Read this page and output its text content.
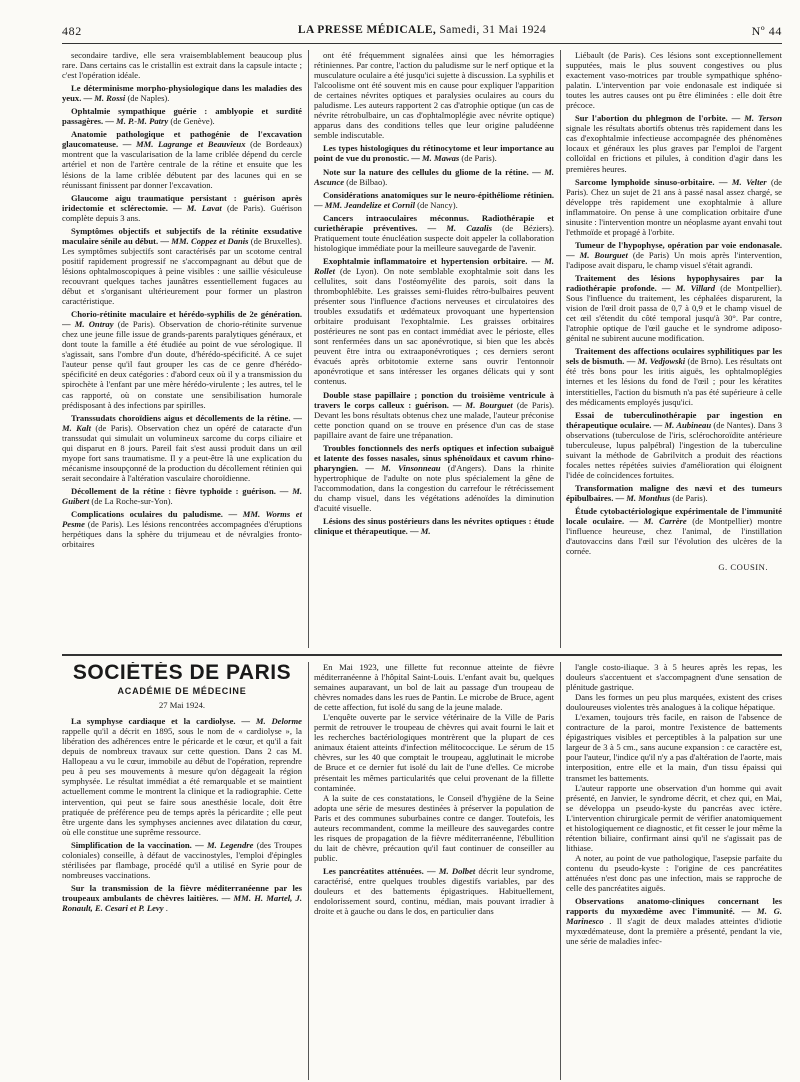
482	LA PRESSE MÉDICALE, Samedi, 31 Mai 1924	Nº 44

secondaire tardive, elle sera vraisemblablement beaucoup plus rare. Dans certains cas le cristallin est extrait dans la capsule intacte ; c'est l'opération idéale.

Le déterminisme morpho-physiologique dans les maladies des yeux. — M. Rossi (de Naples).

Ophtalmie sympathique guérie : amblyopie et surdité passagères. — M. P.-M. Patry (de Genève).

Anatomie pathologique et pathogénie de l'excavation glaucomateuse. — MM. Lagrange et Beauvieux (de Bordeaux) montrent que la vascularisation de la lame criblée dépend du cercle artériel et non de l'artère centrale de la rétine et ensuite que les lésions de la lame criblée débutent par des lacunes qui en se réunissant finissent par donner l'excavation.

Glaucome aigu traumatique persistant : guérison après iridectomie et sclérectomie. — M. Lavat (de Paris). Guérison complète depuis 3 ans.

Symptômes objectifs et subjectifs de la rétinite exsudative maculaire sénile au début. — MM. Coppez et Danis (de Bruxelles). Les symptômes subjectifs sont caractérisés par un scotome central positif rapidement progressif ne s'accompagnant au début que de lésions ophtalmoscopiques à peine visibles : une saillie vésiculeuse recouvrant quelques taches jaunâtres essentiellement fugaces au début et s'organisant ultérieurement pour former un plastron caractéristique.

Chorio-rétinite maculaire et hérédo-syphilis de 2e génération. — M. Ontray (de Paris). Observation de chorio-rétinite survenue chez une jeune fille issue de grands-parents paralytiques généraux, et dont toute la famille a été étudiée au point de vue sérologique. Il s'agissait, sans l'ombre d'un doute, d'hérédo-spécificité. A ce sujet l'auteur pense qu'il faut grouper les cas de ce genre d'hérédo-spécificité en deux catégories : d'abord ceux où il y a transmission du spirochète à l'enfant par une mère hérédo-virulente ; les autres, tel le cas rapporté, où on constate une sensibilisation humorale prédisposant à des infections par spirilles.

Transsudats choroïdiens aigus et décollements de la rétine. — M. Kalt (de Paris). Observation chez un opéré de cataracte d'un transsudat qui simulait un volumineux sarcome du corps ciliaire et qui disparut en 8 jours. Pareil fait s'est aussi produit dans un œil myope fort sans traumatisme. Il y a peut-être là une explication du mécanisme insoupçonné de la production du décollement rétinien qui serait secondaire à l'altération vasculaire choroïdienne.

Décollement de la rétine : fièvre typhoïde : guérison. — M. Guibert (de La Roche-sur-Yon).

Complications oculaires du paludisme. — MM. Worms et Pesme (de Paris). Les lésions rencontrées accompagnées d'éruptions herpétiques dans la sphère du trijumeau et de névralgies fronto-orbitaires

ont été fréquemment signalées ainsi que les hémorragies rétiniennes. Par contre, l'action du paludisme sur le nerf optique et la musculature oculaire a été jusqu'ici sujette à discussion. La syphilis et l'alcoolisme ont été souvent mis en cause pour expliquer l'apparition de certaines névrites optiques et paralysies oculaires au cours du paludisme. Les auteurs rapportent 2 cas d'atrophie optique (un cas de névrite rétrobulbaire, un cas d'ophtalmoplégie avec névrite optique) apparus dans des conditions telles que leur origine paludéenne semble indiscutable.

Les types histologiques du rétinocytome et leur importance au point de vue du pronostic. — M. Mawas (de Paris).

Note sur la nature des cellules du gliome de la rétine. — M. Ascunce (de Bilbao).

Considérations anatomiques sur le neuro-épithéliome rétinien. — MM. Jeandelize et Cornil (de Nancy).

Cancers intraoculaires méconnus. Radiothérapie et curiethérapie préventives. — M. Cazalis (de Béziers). Pratiquement toute énucléation suspecte doit appeler la collaboration histologique immédiate pour la meilleure sauvegarde de l'avenir.

Exophtalmie inflammatoire et hypertension orbitaire. — M. Rollet (de Lyon). On note semblable exophtalmie soit dans les cellulites, soit dans l'ostéomyélite des parois, soit dans la thrombophlébite. Les graisses semi-fluides rétro-bulbaires peuvent présenter sous l'influence d'actions nerveuses et circulatoires des troubles exsudatifs et œdémateux provoquant une hypertension orbitaire produisant l'exophtalmie. Les graisses orbitaires postérieures ne sont pas en contact immédiat avec le périoste, elles sont renfermées dans un sac aponévrotique, si bien que les abcès peuvent être intra ou extraaponévrotiques ; ces derniers seront évacués après orbitotomie externe sans ouvrir l'entonnoir aponévrotique et sans intéresser les organes délicats qui y sont contenus.

Double stase papillaire ; ponction du troisième ventricule à travers le corps calleux : guérison. — M. Bourguet (de Paris). Devant les bons résultats obtenus chez une malade, l'auteur préconise cette ponction quand on se trouve en présence d'un cas de stase papillaire avant de faire une trépanation.

Troubles fonctionnels des nerfs optiques et infection subaiguë et latente des fosses nasales, sinus sphénoïdaux et cavum rhino-pharyngien. — M. Vinsonneau (d'Angers). Dans la rhinite hypertrophique de l'adulte on note plus spécialement la gêne de l'accommodation, dans la congestion du carrefour le rétrécissement du champ visuel, dans les végétations adénoïdes la diminution d'acuité visuelle.

Lésions des sinus postérieurs dans les névrites optiques : étude clinique et thérapeutique. — M.

Liébault (de Paris). Ces lésions sont exceptionnellement supputées, mais le plus souvent congestives ou plus exactement vaso-motrices par trouble sympathique sphéno-palatin. L'intervention par voie endonasale est indiquée si toutes les autres causes ont pu être éliminées : elle doit être précoce.

Sur l'abortion du phlegmon de l'orbite. — M. Terson signale les résultats abortifs obtenus très rapidement dans les cas d'exophtalmie infectieuse accompagnée des phénomènes locaux et généraux les plus graves par l'emploi de l'argent colloïdal en frictions et pilules, à condition d'agir dans les premières heures.

Sarcome lymphoïde sinuso-orbitaire. — M. Velter (de Paris). Chez un sujet de 21 ans à passé nasal assez chargé, se développe très rapidement une exophtalmie à allure inflammatoire. On pense à une complication orbitaire d'une sinusite : l'intervention montre un néoplasme ayant envahi tout l'ethmoïde et propagé à l'orbite.

Tumeur de l'hypophyse, opération par voie endonasale. — M. Bourguet (de Paris) Un mois après l'intervention, l'adipose avait disparu, le champ visuel s'était agrandi.

Traitement des lésions hypophysaires par la radiothérapie profonde. — M. Villard (de Montpellier). Sous l'influence du traitement, les céphalées disparurent, la vision de l'œil droit passa de 0,7 à 0,9 et le champ visuel de cet œil s'étendit du côté temporal jusqu'à 30°. Par contre, l'atrophie optique de l'œil gauche et le syndrome adiposo-génital ne subirent aucune modification.

Traitement des affections oculaires syphilitiques par les sels de bismuth. — M. Vedjowski (de Brno). Les résultats ont été très bons pour les iritis aiguës, les ophtalmoplégies internes et les lésions du fond de l'œil ; pour les kératites interstitielles, l'action du bismuth n'a pas été supérieure à celle des médicaments employés jusqu'ici.

Essai de tuberculinothérapie par ingestion en thérapeutique oculaire. — M. Aubineau (de Nantes). Dans 3 observations (tuberculose de l'iris, sclérochoroïdite antérieure tuberculeuse, lupus palpébral) l'ingestion de la tuberculine suivant la méthode de Gabrilvitch a produit des réactions focales nettes répétées suivies d'amélioration qui éloignent l'idée de coïncidences fortuites.

Transformation maligne des nævi et des tumeurs épibulbaires. — M. Monthus (de Paris).

Étude cytobactériologique expérimentale de l'immunité locale oculaire. — M. Carrère (de Montpellier) montre l'influence heureuse, chez l'animal, de l'instillation d'autovaccins dans l'œil sur l'évolution des ulcères de la cornée.

G. COUSIN.
SOCIÉTÉS DE PARIS
ACADÉMIE DE MÉDECINE
27 Mai 1924.

La symphyse cardiaque et la cardiolyse. — M. Delorme rappelle qu'il a décrit en 1895, sous le nom de « cardiolyse », la libération des adhérences entre le péricarde et le cœur, et qu'il a fait depuis de nombreux travaux sur cette question. Dans 2 cas M. Hallopeau a vu le cœur, immobile au début de l'opération, reprendre peu à peu ses mouvements à mesure qu'on dégageait la région symphysée. Le résultat immédiat a été remarquable et se maintient actuellement comme le montrent la clinique et la radiographie. Cette intervention, qui peut se faire sous anesthésie locale, doit être pratiquée de préférence peu de temps après la péricardite ; elle peut être urgente dans les symphyses anciennes avec dilatation du cœur, où elle constitue une suprême ressource.

Simplification de la vaccination. — M. Legendre (des Troupes coloniales) conseille, à défaut de vaccinostyles, l'emploi d'épingles stérilisées par flambage, procédé qu'il a utilisé en Syrie pour de nombreuses vaccinations.

Sur la transmission de la fièvre méditerranéenne par les troupeaux ambulants de chèvres laitières. — MM. H. Martel, J. Ronault, E. Cesari et P. Levy .

En Mai 1923, une fillette fut reconnue atteinte de fièvre méditerranéenne à l'hôpital Saint-Louis. L'enfant avait bu, quelques semaines auparavant, un bol de lait au passage d'un troupeau de chèvres nomades dans les rues de Pantin. Le microbe de Bruce, agent de cette affection, fut isolé du sang de la jeune malade.

L'enquête ouverte par le service vétérinaire de la Ville de Paris permit de retrouver le troupeau de chèvres qui avait fourni le lait et les recherches bactériologiques montrèrent que la plupart de ces animaux étaient atteints d'infection mélitococcique. Le sérum de 15 chèvres, sur les 40 que comptait le troupeau, agglutinait le microbe de Bruce et ce dernier fut isolé du lait de l'une d'elles. Ce microbe présentait les mêmes particularités que celui provenant de la fillette contaminée.

A la suite de ces constatations, le Conseil d'hygiène de la Seine adopta une série de mesures destinées à préserver la population de Paris et des communes suburbaines contre ce danger. Toutefois, les auteurs recommandent, comme la meilleure des sauvegardes contre les risques de propagation de la fièvre méditerranéenne, l'ébullition du lait de chèvre, précaution qu'il faut continuer de conseiller au public.

Les pancréatites atténuées. — M. Dolbet décrit leur syndrome, caractérisé, entre quelques troubles digestifs variables, par des douleurs et des battements épigastriques. Habituellement, endolorissement sourd, continu, médian, mais pouvant irradier à droite et à gauche ou dans le dos, en particulier dans

l'angle costo-iliaque. 3 à 5 heures après les repas, les douleurs s'accentuent et s'accompagnent d'une sensation de plénitude gastrique.

Dans les formes un peu plus marquées, existent des crises douloureuses violentes très analogues à la colique hépatique.

L'examen, toujours très facile, en raison de l'absence de contracture de la paroi, montre l'existence de battements épigastriques visibles et perceptibles à la palpation sur une largeur de 3 à 5 cm., sans aucune expansion : ce caractère est, pour l'auteur, l'indice qu'il n'y a pas d'altération de l'aorte, mais interposition, entre elle et la main, d'un tissu épaissi qui transmet les battements.

L'auteur rapporte une observation d'un homme qui avait présenté, en Janvier, le syndrome décrit, et chez qui, en Mai, se développa un pseudo-kyste du pancréas avec ictère. L'intervention chirurgicale permit de vérifier anatomiquement et histologiquement ce diagnostic, et fit cesser le jour même la rétention biliaire, confirmant ainsi qu'il ne s'agissait pas de lithiase.

A noter, au point de vue pathologique, l'asepsie parfaite du contenu du pseudo-kyste : l'origine de ces pancréatites atténuées n'est donc pas une infection, mais se rapproche de celle des pancréatites aiguës.

Observations anatomo-cliniques concernant les rapports du myxœdème avec l'immunité. — M. G. Marinesco . Il s'agit de deux malades atteintes d'idiotie myxœdémateuse, dont la première a présenté, pendant la vie, une série de maladies infec-
